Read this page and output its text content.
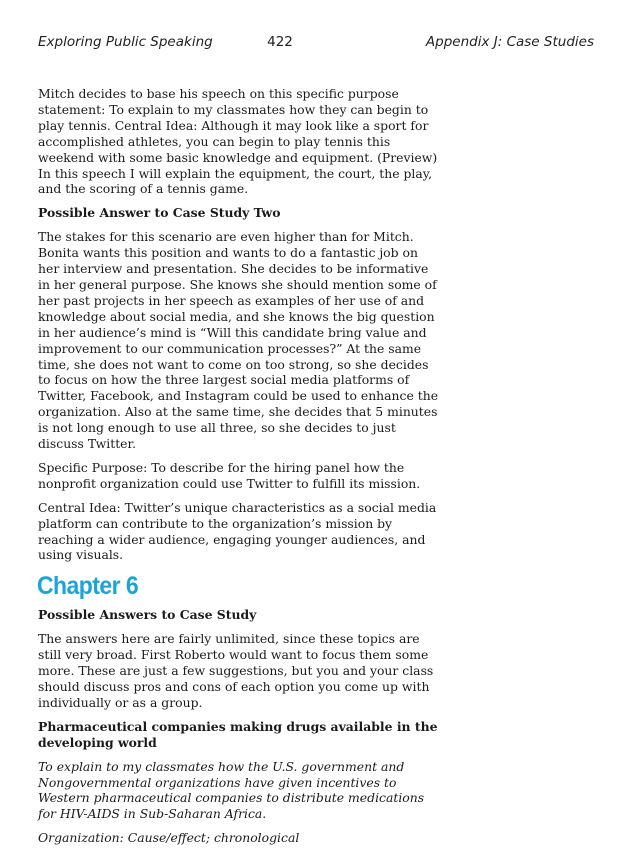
Exploring Public Speaking	422	Appendix J: Case Studies

Mitch decides to base his speech on this specific purpose statement: To explain to my classmates how they can begin to play tennis. Central Idea: Although it may look like a sport for accomplished athletes, you can begin to play tennis this weekend with some basic knowledge and equipment. (Preview) In this speech I will explain the equipment, the court, the play, and the scoring of a tennis game.

Possible Answer to Case Study Two

The stakes for this scenario are even higher than for Mitch. Bonita wants this position and wants to do a fantastic job on her interview and presentation. She decides to be informative in her general purpose. She knows she should mention some of her past projects in her speech as examples of her use of and knowledge about social media, and she knows the big question in her audience’s mind is “Will this candidate bring value and improvement to our communication processes?” At the same time, she does not want to come on too strong, so she decides to focus on how the three largest social media platforms of Twitter, Facebook, and Instagram could be used to enhance the organization. Also at the same time, she decides that 5 minutes is not long enough to use all three, so she decides to just discuss Twitter.

Specific Purpose: To describe for the hiring panel how the nonprofit organization could use Twitter to fulfill its mission.

Central Idea: Twitter’s unique characteristics as a social media platform can contribute to the organization’s mission by reaching a wider audience, engaging younger audiences, and using visuals.

Chapter 6
Possible Answers to Case Study

The answers here are fairly unlimited, since these topics are still very broad. First Roberto would want to focus them some more. These are just a few suggestions, but you and your class should discuss pros and cons of each option you come up with individually or as a group.

Pharmaceutical companies making drugs available in the developing world

To explain to my classmates how the U.S. government and Nongovernmental organizations have given incentives to Western pharmaceutical companies to distribute medications for HIV-AIDS in Sub-Saharan Africa.

Organization: Cause/effect; chronological
